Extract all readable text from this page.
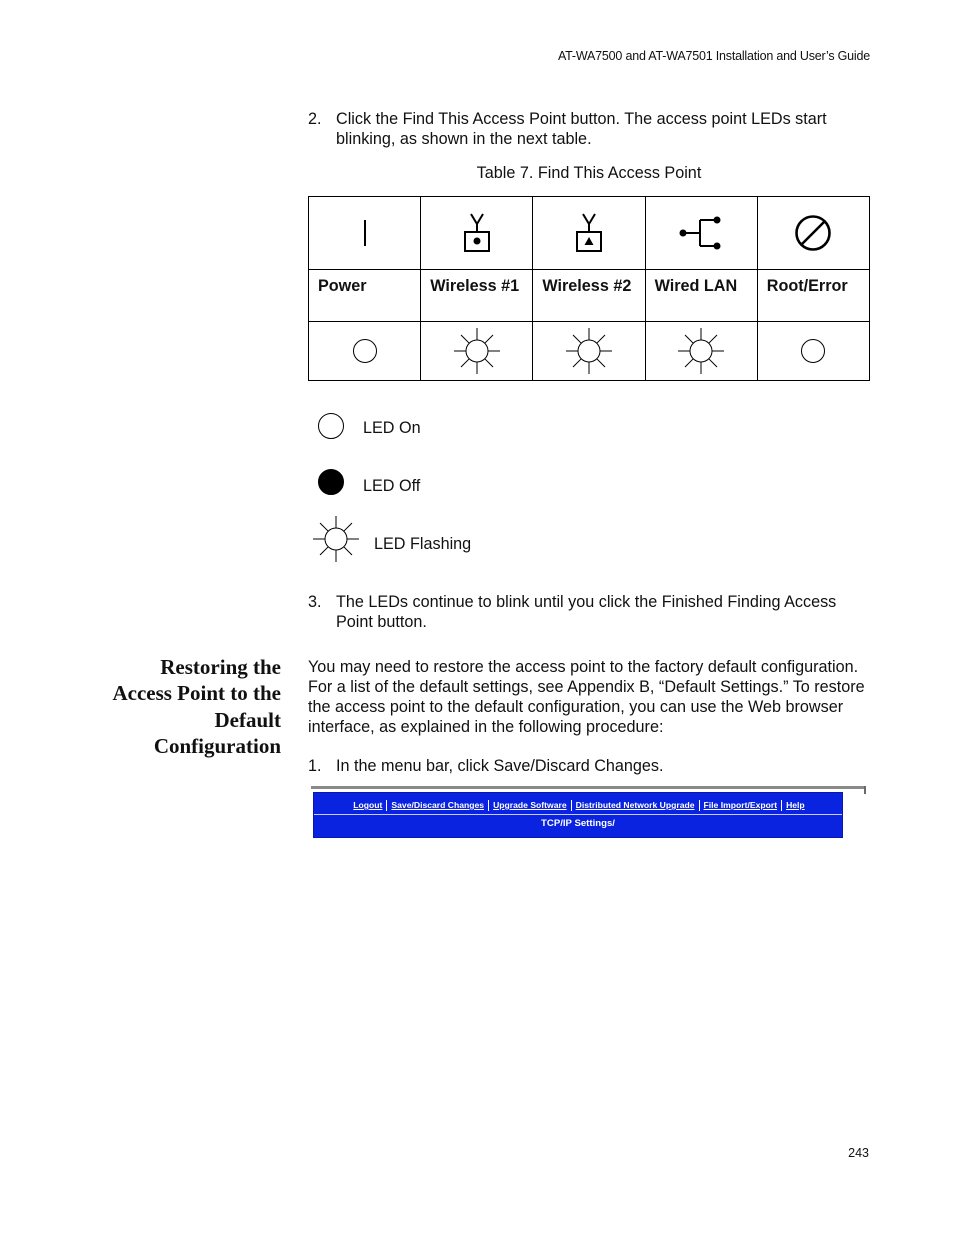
AT-WA7500 and AT-WA7501 Installation and User’s Guide
2. Click the Find This Access Point button. The access point LEDs start blinking, as shown in the next table.
Table 7. Find This Access Point

Power	Wireless #1	Wireless #2	Wired LAN	Root/Error

LED On
LED Off
LED Flashing
3. The LEDs continue to blink until you click the Finished Finding Access Point button.
Restoring the Access Point to the Default Configuration
You may need to restore the access point to the factory default configuration. For a list of the default settings, see Appendix B, “Default Settings.” To restore the access point to the default configuration, you can use the Web browser interface, as explained in the following procedure:
1. In the menu bar, click Save/Discard Changes.
Logout	Save/Discard Changes	Upgrade Software	Distributed Network Upgrade	File Import/Export	Help
TCP/IP Settings/
243
